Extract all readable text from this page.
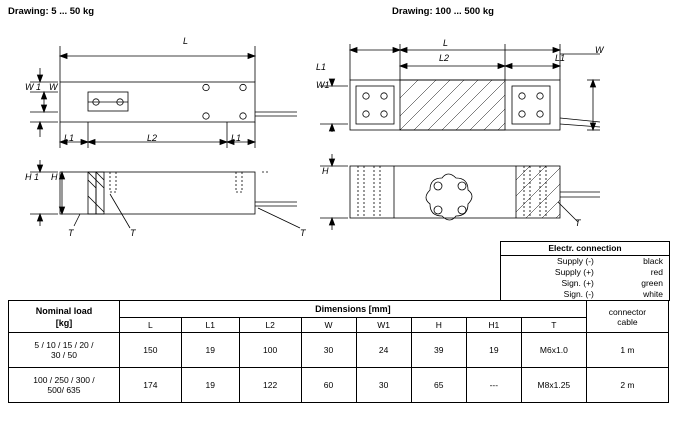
Drawing: 5 ... 50 kg	Drawing: 100 ... 500 kg
L
W 1 W
L1	L2	L1
H 1 H
T	T	T
L1
L
L2	L1
W
W1
H
T
Electr. connection	
Supply (-)	black
Supply (+)	red
Sign. (+)	green
Sign. (-)	white
Nominal load
[kg]
	Dimensions [mm]	connector
cable

	L	L1	L2	W	W1	H	H1	T	

5 / 10 / 15 / 20 /
30 / 50	150	19	100	30	24	39	19	M6x1.0	1 m

100 / 250 / 300 /
500/ 635	174	19	122	60	30	65	---	M8x1.25	2 m
